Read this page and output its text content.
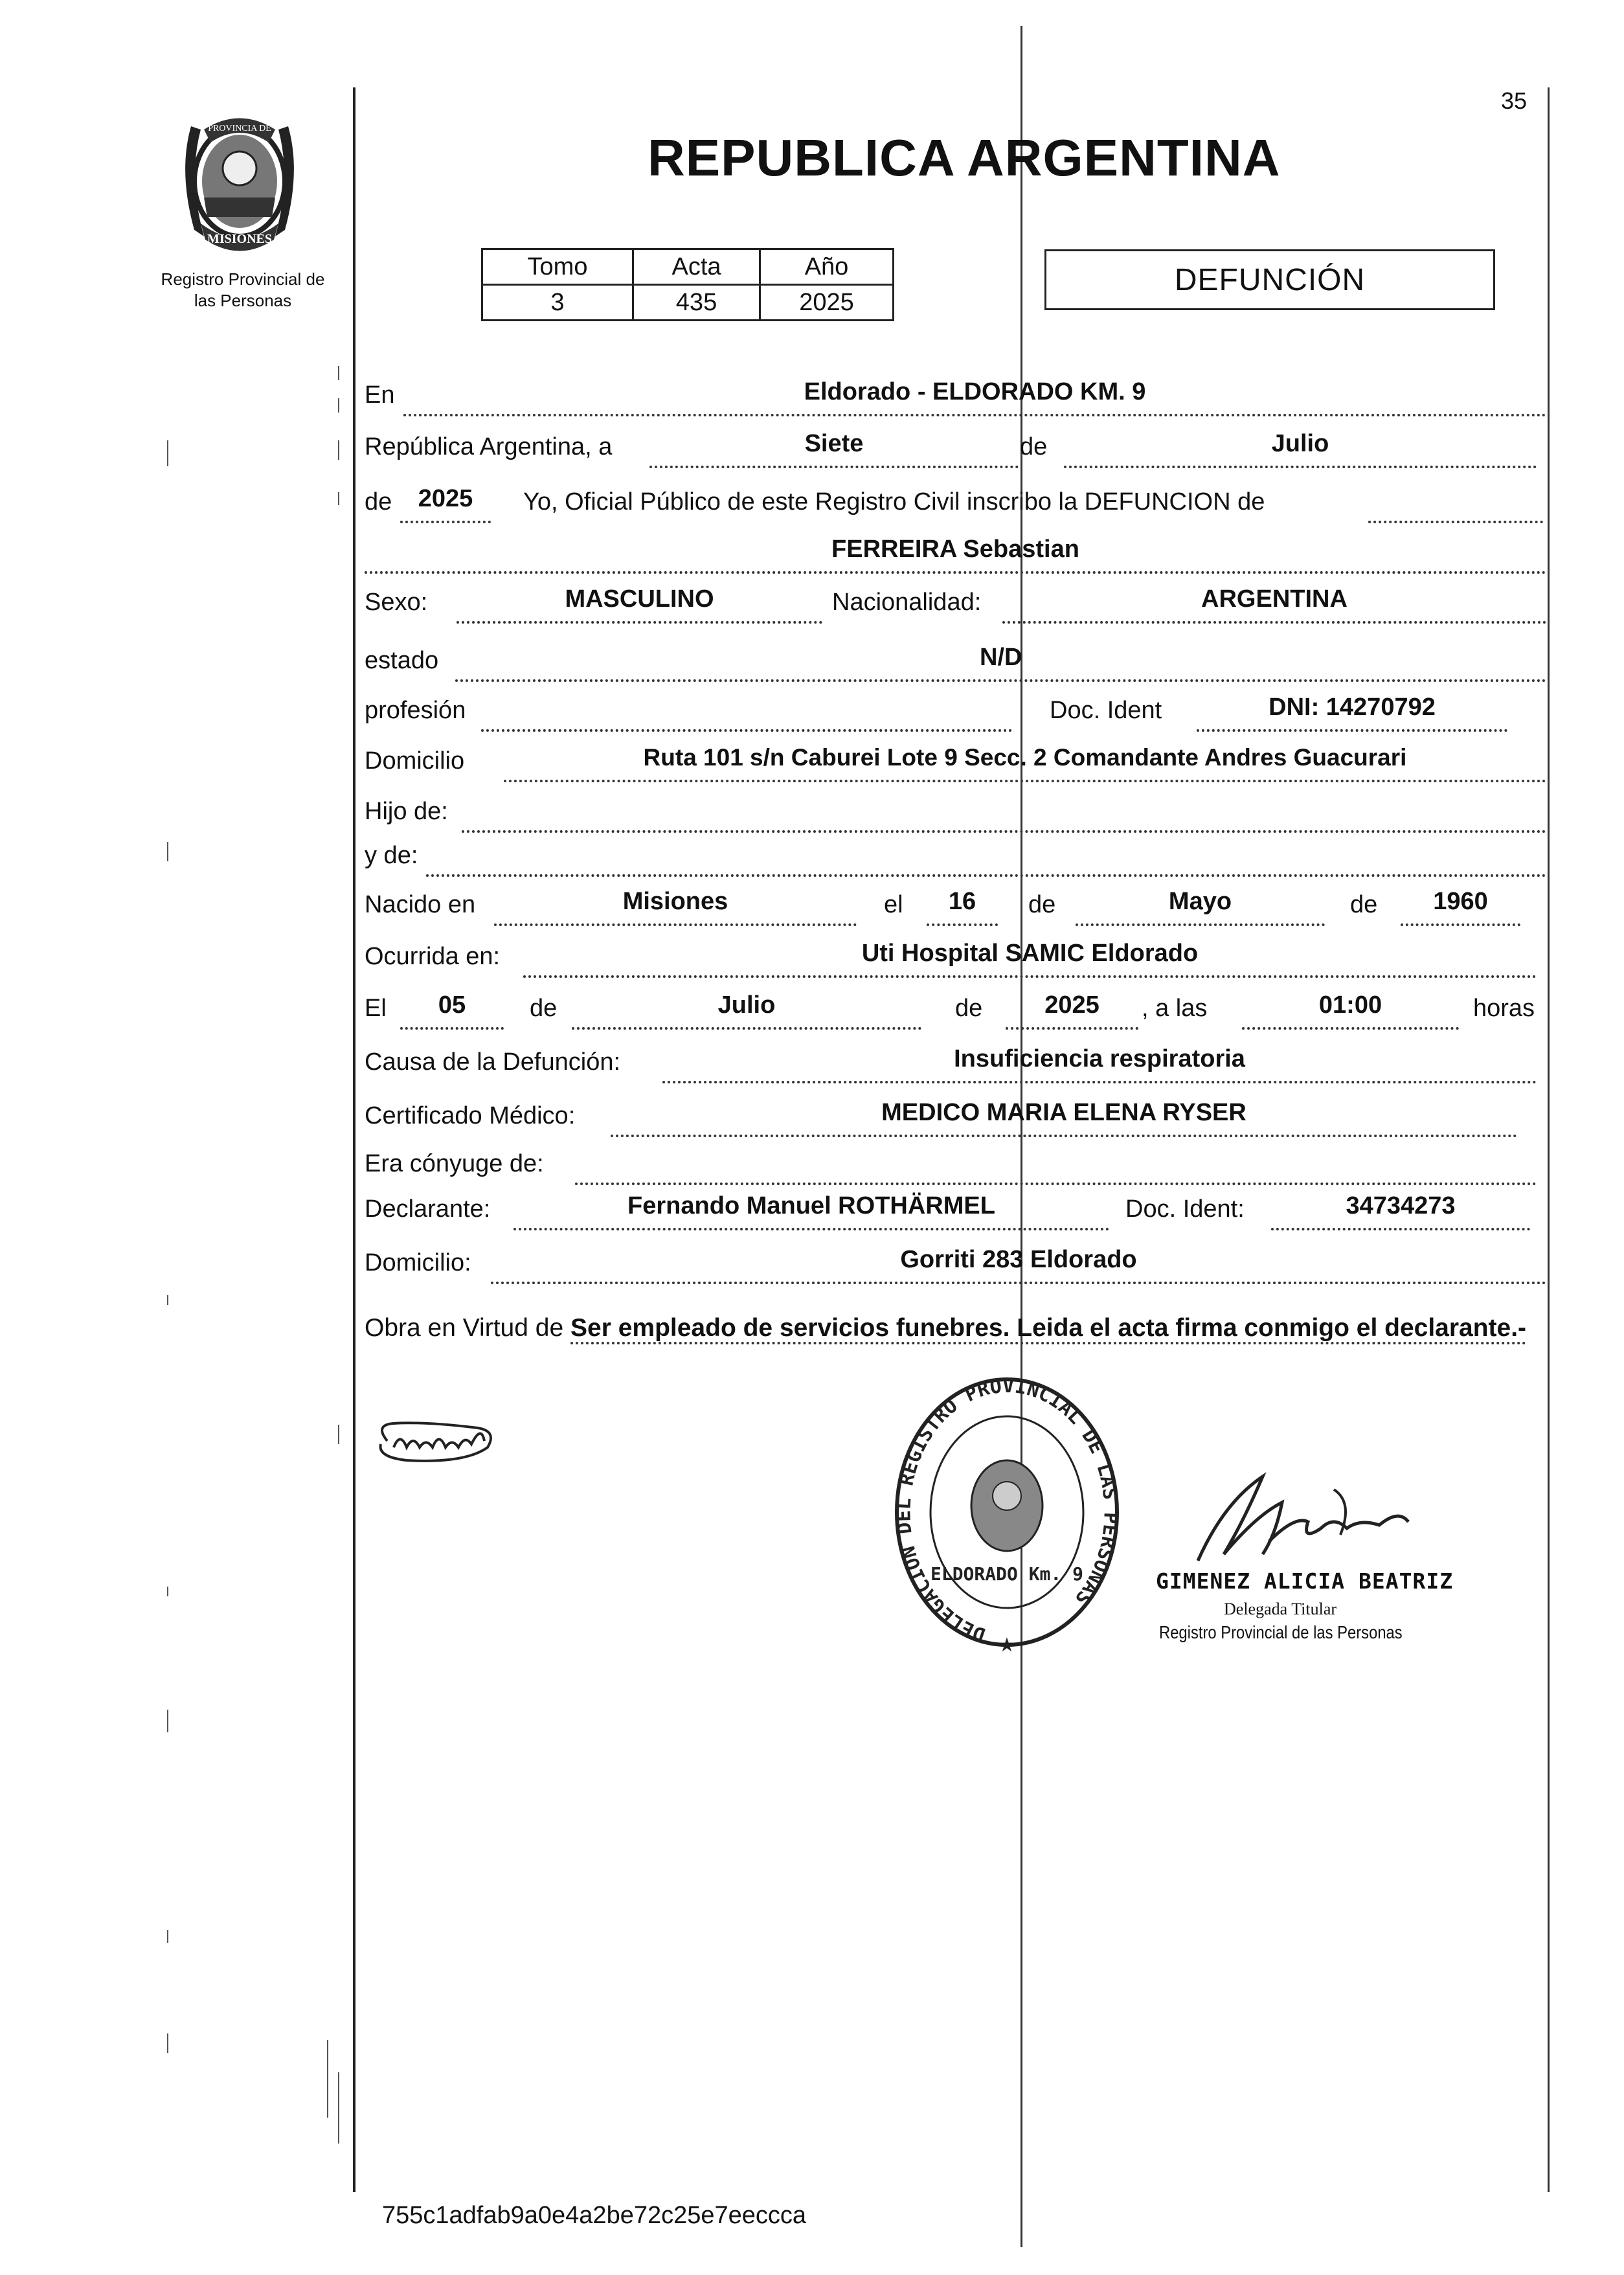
PROVINCIA DE
MISIONES
Registro Provincial de
las Personas
35
REPUBLICA ARGENTINA
Tomo	Acta	Año
3	435	2025
DEFUNCIÓN
En	Eldorado - ELDORADO KM. 9
República Argentina, a	Siete	de	Julio
de	2025	Yo, Oficial Público de este Registro Civil inscribo la DEFUNCION de
FERREIRA Sebastian
Sexo:	MASCULINO	Nacionalidad:	ARGENTINA
estado	N/D
profesión	Doc. Ident	DNI: 14270792
Domicilio	Ruta 101 s/n Caburei Lote 9 Secc. 2 Comandante Andres Guacurari
Hijo de:
y de:
Nacido en	Misiones	el	16	de	Mayo	de	1960
Ocurrida en:	Uti Hospital SAMIC Eldorado
El	05	de	Julio	de	2025	, a las	01:00	horas
Causa de la Defunción:	Insuficiencia respiratoria
Certificado Médico:	MEDICO MARIA ELENA RYSER
Era cónyuge de:
Declarante:	Fernando Manuel ROTHÄRMEL	Doc. Ident:	34734273
Domicilio:	Gorriti 283 Eldorado
Obra en Virtud de Ser empleado de servicios funebres. Leida el acta firma conmigo el declarante.-
DELEGACION DEL REGISTRO PROVINCIAL DE LAS PERSONAS
ELDORADO Km. 9
★
GIMENEZ ALICIA BEATRIZ
Delegada Titular
Registro Provincial de las Personas
755c1adfab9a0e4a2be72c25e7eeccca
